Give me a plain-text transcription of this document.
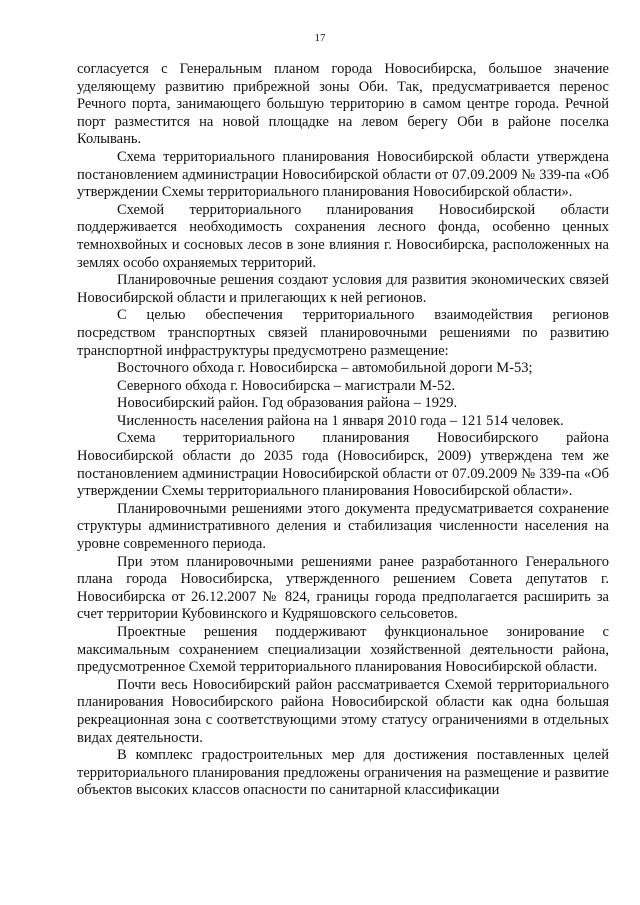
17

согласуется с Генеральным планом города Новосибирска, большое значение уделяющему развитию прибрежной зоны Оби. Так, предусматривается перенос Речного порта, занимающего большую территорию в самом центре города. Речной порт разместится на новой площадке на левом берегу Оби в районе поселка Колывань.

Схема территориального планирования Новосибирской области утверждена постановлением администрации Новосибирской области от 07.09.2009 № 339-па «Об утверждении Схемы территориального планирования Новосибирской области».

Схемой территориального планирования Новосибирской области поддерживается необходимость сохранения лесного фонда, особенно ценных темнохвойных и сосновых лесов в зоне влияния г. Новосибирска, расположенных на землях особо охраняемых территорий.

Планировочные решения создают условия для развития экономических связей Новосибирской области и прилегающих к ней регионов.

С целью обеспечения территориального взаимодействия регионов посредством транспортных связей планировочными решениями по развитию транспортной инфраструктуры предусмотрено размещение:

Восточного обхода г. Новосибирска – автомобильной дороги М-53;

Северного обхода г. Новосибирска – магистрали М-52.

Новосибирский район. Год образования района – 1929.

Численность населения района на 1 января 2010 года – 121 514 человек.

Схема территориального планирования Новосибирского района Новосибирской области до 2035 года (Новосибирск, 2009) утверждена тем же постановлением администрации Новосибирской области от 07.09.2009 № 339-па «Об утверждении Схемы территориального планирования Новосибирской области».

Планировочными решениями этого документа предусматривается сохранение структуры административного деления и стабилизация численности населения на уровне современного периода.

При этом планировочными решениями ранее разработанного Генерального плана города Новосибирска, утвержденного решением Совета депутатов г. Новосибирска от 26.12.2007 № 824, границы города предполагается расширить за счет территории Кубовинского и Кудряшовского сельсоветов.

Проектные решения поддерживают функциональное зонирование с максимальным сохранением специализации хозяйственной деятельности района, предусмотренное Схемой территориального планирования Новосибирской области.

Почти весь Новосибирский район рассматривается Схемой территориального планирования Новосибирского района Новосибирской области как одна большая рекреационная зона с соответствующими этому статусу ограничениями в отдельных видах деятельности.

В комплекс градостроительных мер для достижения поставленных целей территориального планирования предложены ограничения на размещение и развитие объектов высоких классов опасности по санитарной классификации
